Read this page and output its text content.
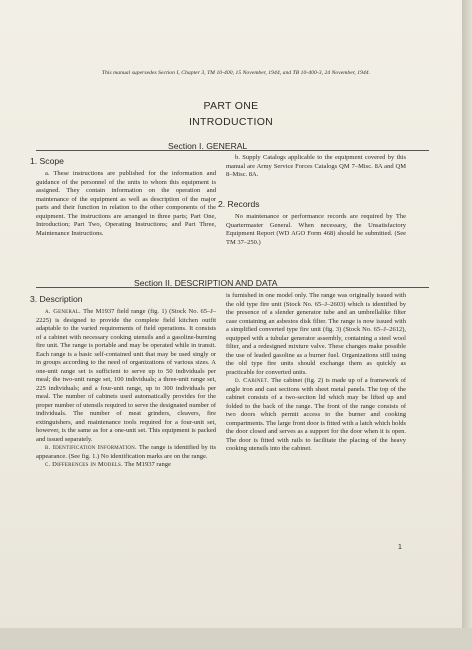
This manual supersedes Section I, Chapter 3, TM 10-400, 15 November, 1944, and TB 10-400-3, 24 November, 1944.
PART ONE
INTRODUCTION
Section I. GENERAL
1. Scope

a. These instructions are published for the information and guidance of the personnel of the units to whom this equipment is assigned. They contain information on the operation and maintenance of the equipment as well as description of the major parts and their function in relation to the other components of the equipment. The instructions are arranged in three parts; Part One, Introduction; Part Two, Operating Instructions; and Part Three, Maintenance Instructions.

b. Supply Catalogs applicable to the equipment covered by this manual are Army Service Forces Catalogs QM 7–Misc. 8A and QM 8–Misc. 8A.

2. Records

No maintenance or performance records are required by The Quartermaster General. When necessary, the Unsatisfactory Equipment Report (WD AGO Form 468) should be submitted. (See TM 37–250.)

Section II. DESCRIPTION AND DATA
3. Description

a. General. The M1937 field range (fig. 1) (Stock No. 65–J–2225) is designed to provide the complete field kitchen outfit adaptable to the varied requirements of field operations. It consists of a cabinet with necessary cooking utensils and a gasoline-burning fire unit. The range is portable and may be operated while in transit. Each range is a basic self-contained unit that may be used singly or in groups according to the need of organizations of various sizes. A one-unit range set is sufficient to serve up to 50 individuals per meal; the two-unit range set, 100 individuals; a three-unit range set, 225 individuals; and a four-unit range, up to 300 individuals per meal. The number of cabinets used automatically provides for the proper number of utensils required to serve the designated number of individuals. The number of meat grinders, cleavers, fire extinguishers, and maintenance tools required for a four-unit set, however, is the same as for a one-unit set. This equipment is packed and issued separately.

b. Identification Information. The range is identified by its appearance. (See fig. 1.) No identification marks are on the range.

c. Differences in Models. The M1937 range

is furnished in one model only. The range was originally issued with the old type fire unit (Stock No. 65–J–2603) which is identified by the presence of a slender generator tube and an umbrellalike filter case containing an asbestos disk filter. The range is now issued with a simplified converted type fire unit (fig. 3) (Stock No. 65–J–2612), equipped with a tubular generator assembly, containing a steel wool filter, and a redesigned mixture valve. These changes make possible the use of leaded gasoline as a burner fuel. Organizations still using the old type fire units should exchange them as quickly as practicable for converted units.

d. Cabinet. The cabinet (fig. 2) is made up of a framework of angle iron and cast sections with sheet metal panels. The top of the cabinet consists of a two-section lid which may be lifted up and folded to the back of the range. The front of the range consists of two doors which permit access to the burner and cooking compartments. The large front door is fitted with a latch which holds the door closed and serves as a support for the door when it is open. The door is fitted with rails to facilitate the placing of the heavy cooking utensils into the cabinet.

1
